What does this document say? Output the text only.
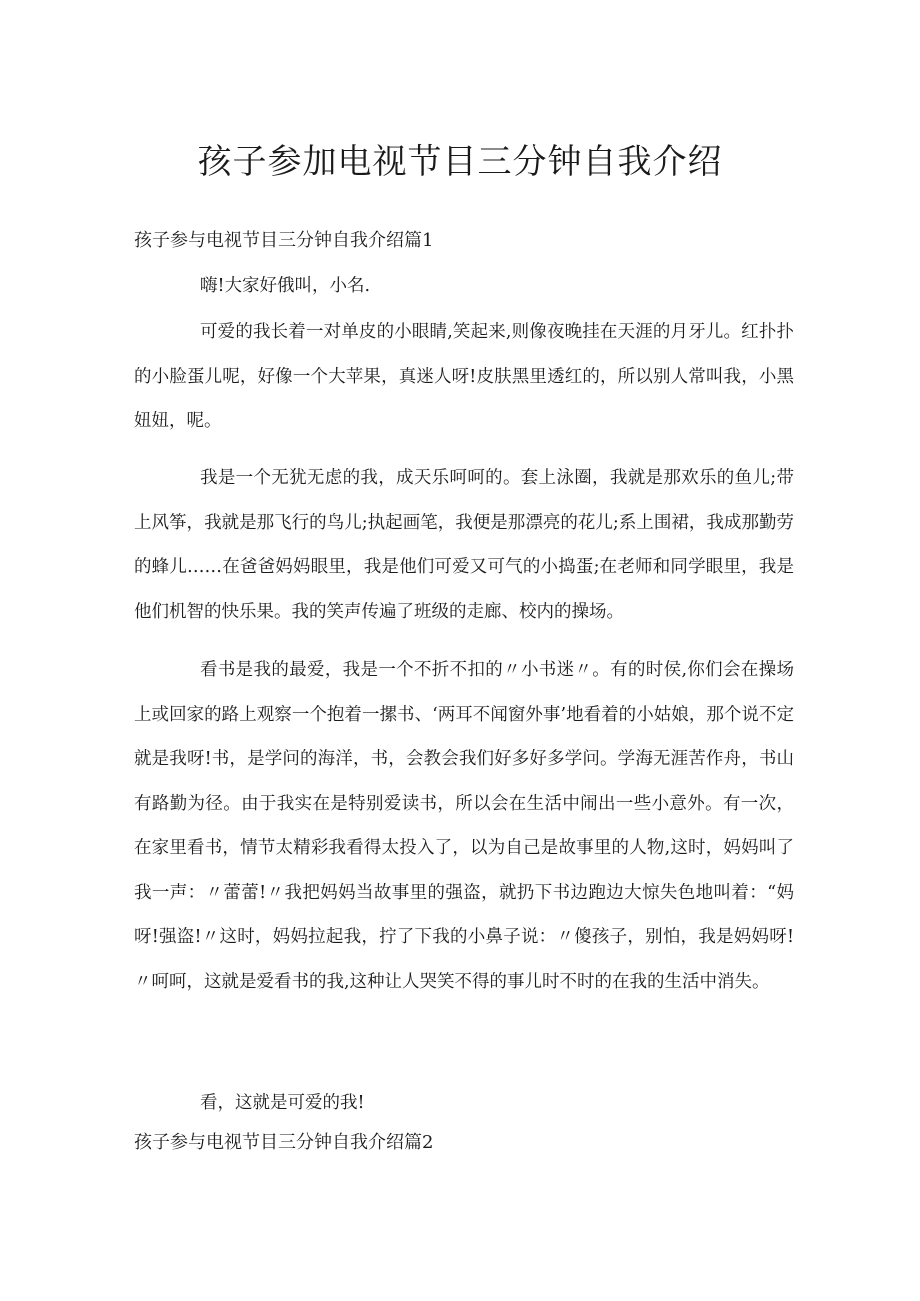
孩子参加电视节目三分钟自我介绍
孩子参与电视节目三分钟自我介绍篇1

嗨!大家好俄叫，小名.

可爱的我长着一对单皮的小眼睛,笑起来,则像夜晚挂在天涯的月牙儿。红扑扑的小脸蛋儿呢，好像一个大苹果，真迷人呀!皮肤黑里透红的，所以别人常叫我，小黑妞妞，呢。

我是一个无犹无虑的我，成天乐呵呵的。套上泳圈，我就是那欢乐的鱼儿;带上风筝，我就是那飞行的鸟儿;执起画笔，我便是那漂亮的花儿;系上围裙，我成那勤劳的蜂儿……在爸爸妈妈眼里，我是他们可爱又可气的小捣蛋;在老师和同学眼里，我是他们机智的快乐果。我的笑声传遍了班级的走廊、校内的操场。

看书是我的最爱，我是一个不折不扣的〃小书迷〃。有的时侯,你们会在操场上或回家的路上观察一个抱着一摞书、‘两耳不闻窗外事’地看着的小姑娘，那个说不定就是我呀!书，是学问的海洋，书，会教会我们好多好多学问。学海无涯苦作舟，书山有路勤为径。由于我实在是特别爱读书，所以会在生活中闹出一些小意外。有一次，在家里看书，情节太精彩我看得太投入了，以为自己是故事里的人物,这时，妈妈叫了我一声：〃蕾蕾!〃我把妈妈当故事里的强盗，就扔下书边跑边大惊失色地叫着：“妈呀!强盗!〃这时，妈妈拉起我，拧了下我的小鼻子说：〃傻孩子，别怕，我是妈妈呀!〃呵呵，这就是爱看书的我,这种让人哭笑不得的事儿时不时的在我的生活中消失。

看，这就是可爱的我!

孩子参与电视节目三分钟自我介绍篇2
